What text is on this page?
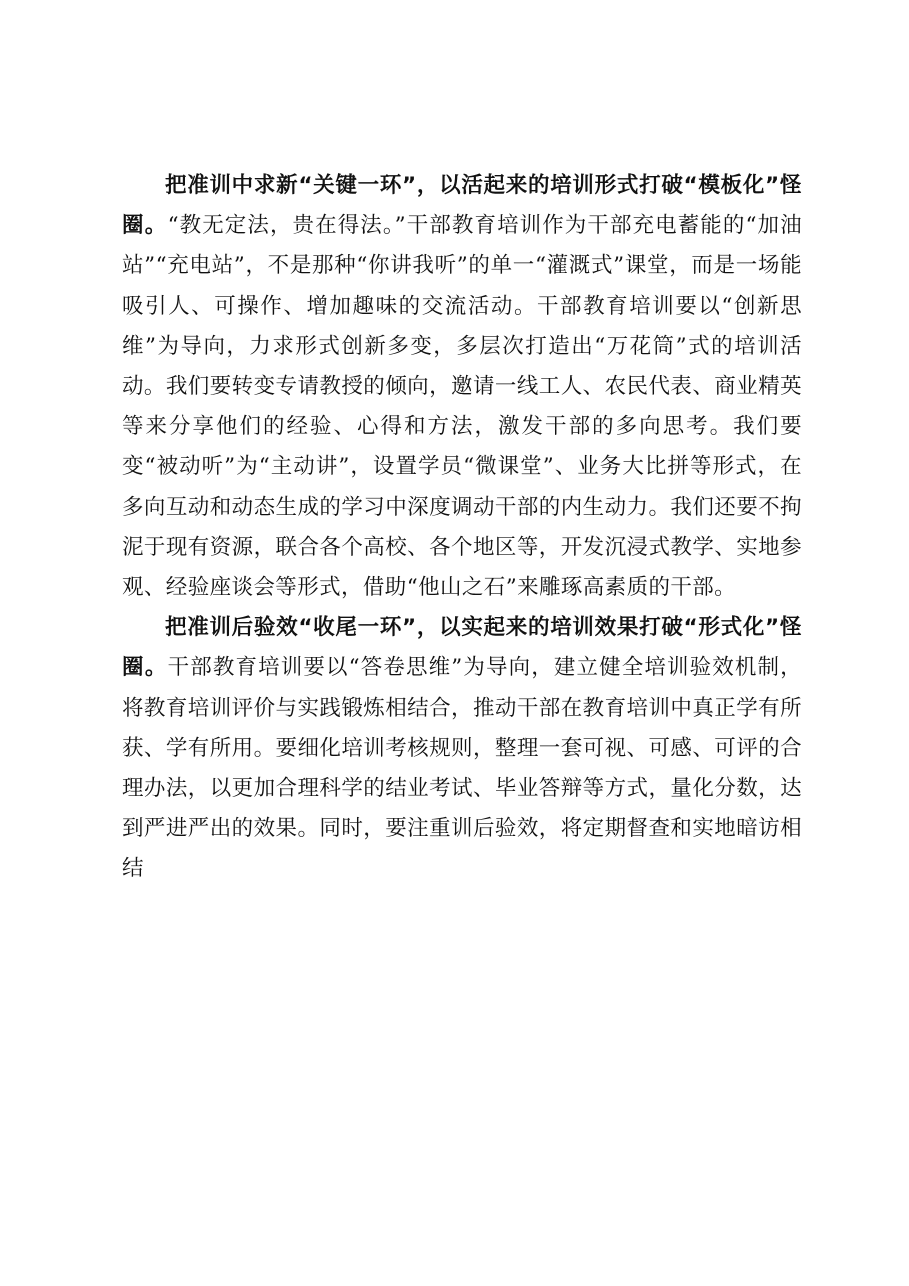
把准训中求新“关键一环”，以活起来的培训形式打破“模板化”怪圈。“教无定法，贵在得法。”干部教育培训作为干部充电蓄能的“加油站”“充电站”，不是那种“你讲我听”的单一“灌溉式”课堂，而是一场能吸引人、可操作、增加趣味的交流活动。干部教育培训要以“创新思维”为导向，力求形式创新多变，多层次打造出“万花筒”式的培训活动。我们要转变专请教授的倾向，邀请一线工人、农民代表、商业精英等来分享他们的经验、心得和方法，激发干部的多向思考。我们要变“被动听”为“主动讲”，设置学员“微课堂”、业务大比拼等形式，在多向互动和动态生成的学习中深度调动干部的内生动力。我们还要不拘泥于现有资源，联合各个高校、各个地区等，开发沉浸式教学、实地参观、经验座谈会等形式，借助“他山之石”来雕琢高素质的干部。

把准训后验效“收尾一环”，以实起来的培训效果打破“形式化”怪圈。干部教育培训要以“答卷思维”为导向，建立健全培训验效机制，将教育培训评价与实践锻炼相结合，推动干部在教育培训中真正学有所获、学有所用。要细化培训考核规则，整理一套可视、可感、可评的合理办法，以更加合理科学的结业考试、毕业答辩等方式，量化分数，达到严进严出的效果。同时，要注重训后验效，将定期督查和实地暗访相结
